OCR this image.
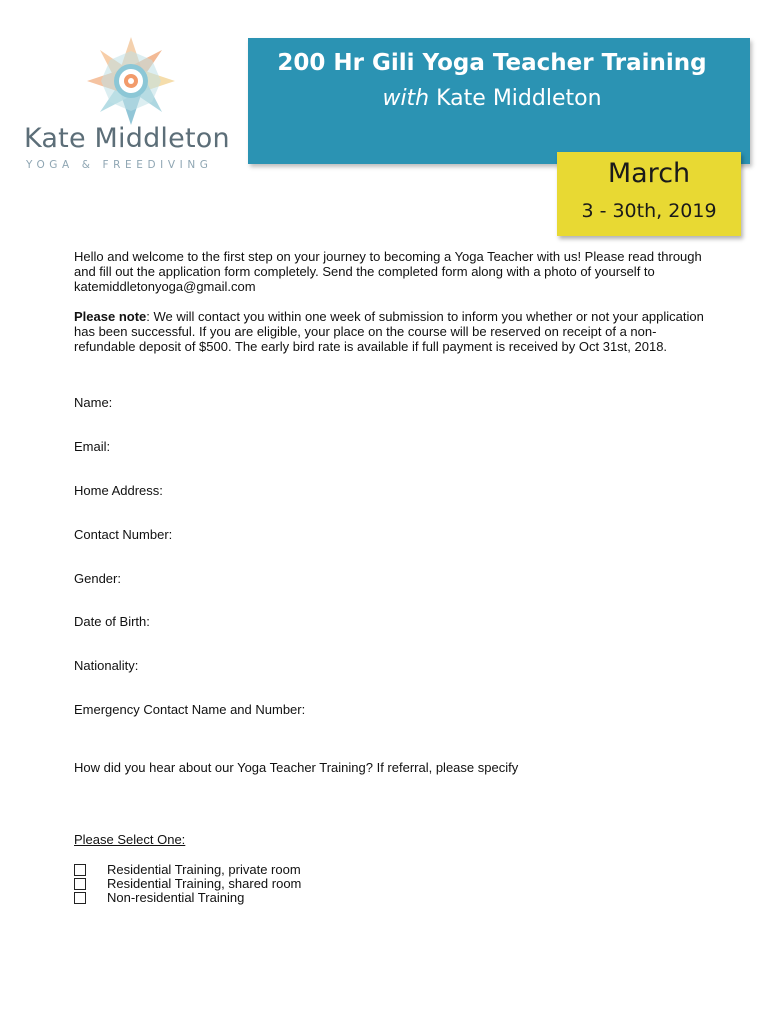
Kate Middleton
YOGA & FREEDIVING
200 Hr Gili Yoga Teacher Training
with Kate Middleton
March
3 - 30th, 2019

Hello and welcome to the first step on your journey to becoming a Yoga Teacher with us! Please read through and fill out the application form completely. Send the completed form along with a photo of yourself to katemiddletonyoga@gmail.com

Please note: We will contact you within one week of submission to inform you whether or not your application has been successful. If you are eligible, your place on the course will be reserved on receipt of a non-refundable deposit of $500. The early bird rate is available if full payment is received by Oct 31st, 2018.

Name:
Email:
Home Address:
Contact Number:
Gender:
Date of Birth:
Nationality:
Emergency Contact Name and Number:
How did you hear about our Yoga Teacher Training? If referral, please specify
Please Select One:
Residential Training, private room
Residential Training, shared room
Non-residential Training
